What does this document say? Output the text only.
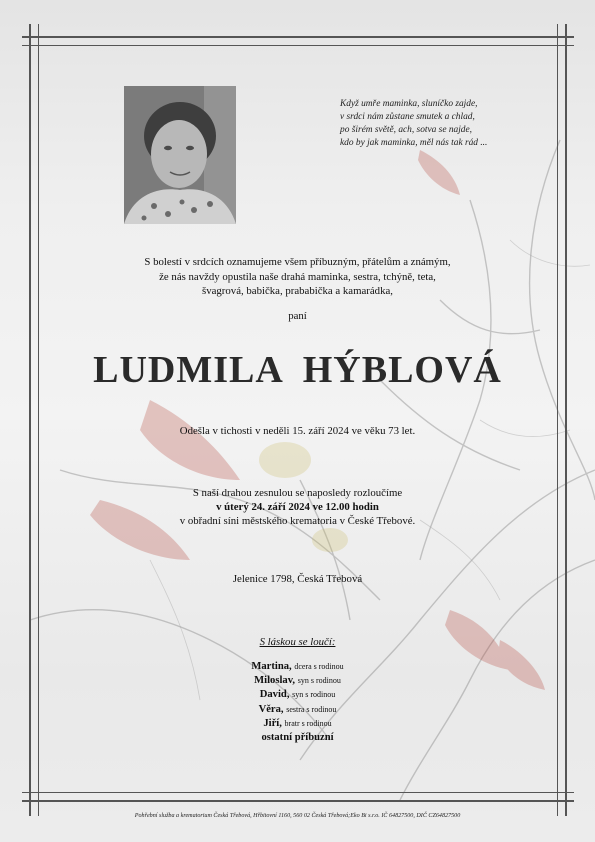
Když umře maminka, sluníčko zajde,
v srdci nám zůstane smutek a chlad,
po širém světě, ach, sotva se najde,
kdo by jak maminka, měl nás tak rád ...
S bolestí v srdcích oznamujeme všem příbuzným, přátelům a známým,
že nás navždy opustila naše drahá maminka, sestra, tchýně, teta,
švagrová, babička, prababička a kamarádka,
paní
LUDMILA  HÝBLOVÁ
Odešla v tichosti v neděli 15. září 2024 ve věku 73 let.
S naší drahou zesnulou se naposledy rozloučíme
v úterý 24. září 2024 ve 12.00 hodin
v obřadní síni městského krematoria v České Třebové.
Jelenice 1798, Česká Třebová
S láskou se loučí:
Martina, dcera s rodinou
Miloslav, syn s rodinou
David, syn s rodinou
Věra, sestra s rodinou
Jiří, bratr s rodinou
ostatní příbuzní
Pohřební služba a krematorium Česká Třebová, Hřbitovní 1160, 560 02 Česká Třebová;Eko Bi s.r.o. IČ 64827500, DIČ CZ64827500
